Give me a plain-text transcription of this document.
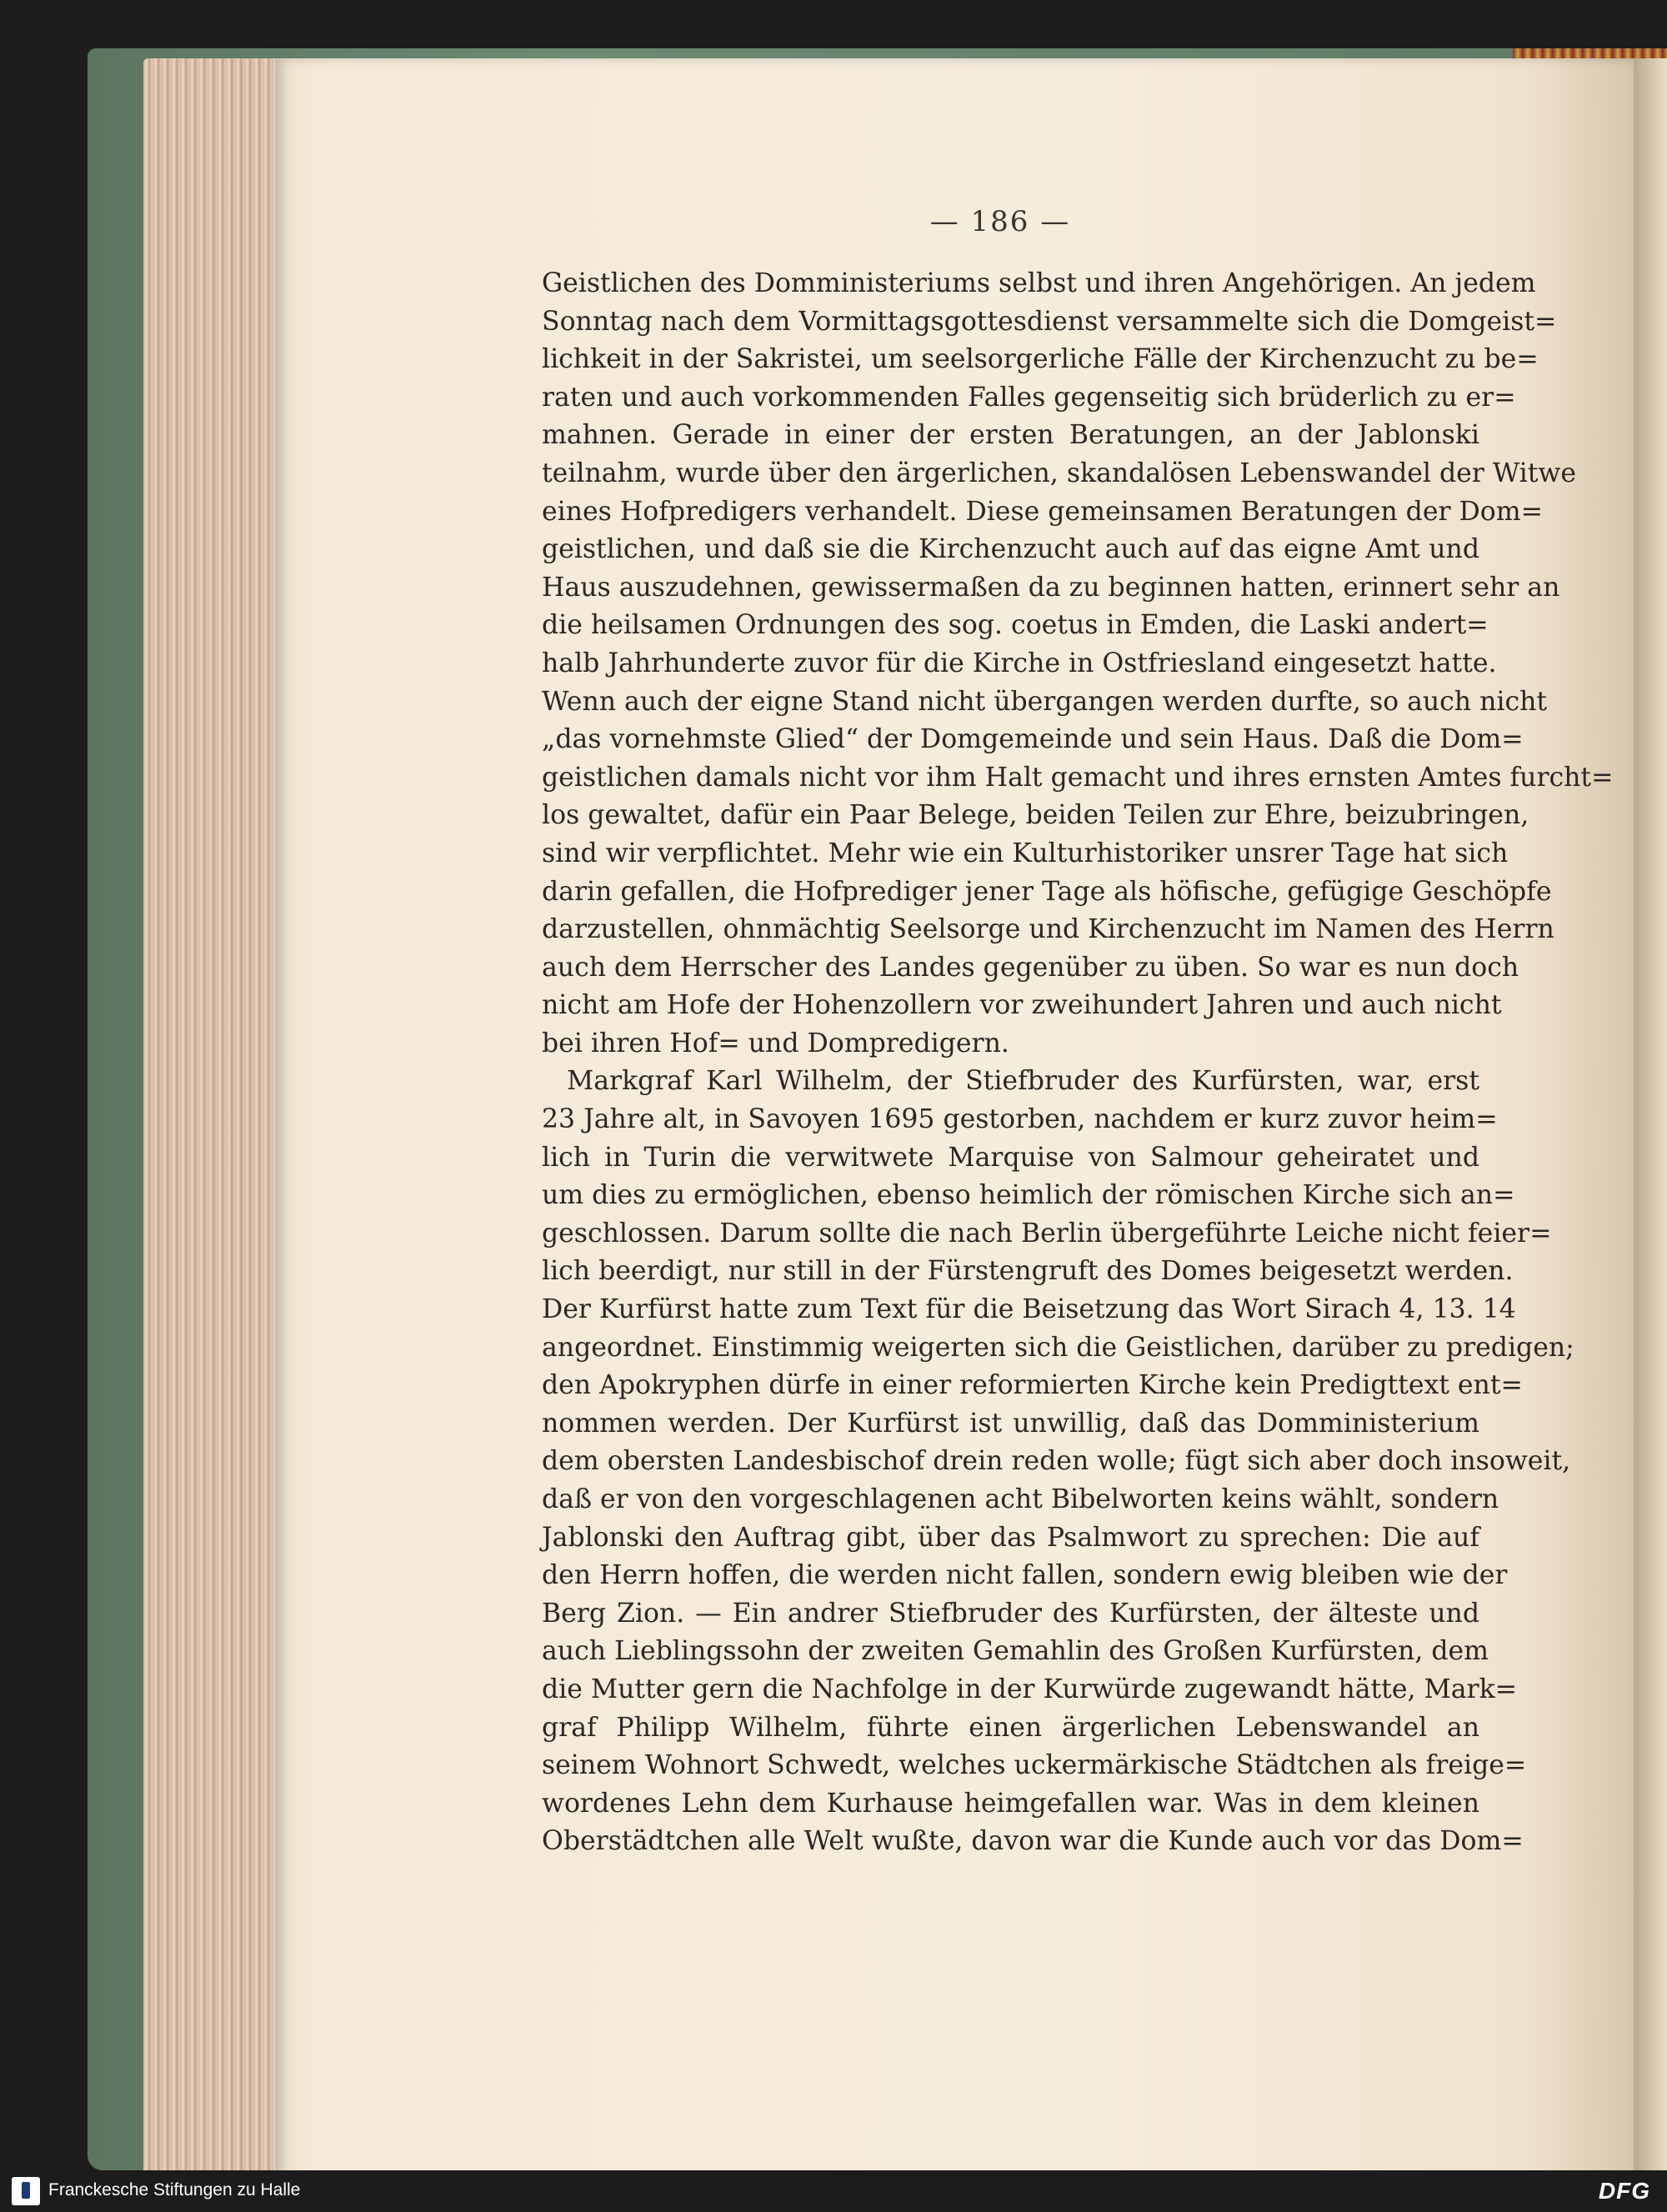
— 186 —
Geistlichen des Domministeriums selbst und ihren Angehörigen. An jedem
Sonntag nach dem Vormittagsgottesdienst versammelte sich die Domgeist=
lichkeit in der Sakristei, um seelsorgerliche Fälle der Kirchenzucht zu be=
raten und auch vorkommenden Falles gegenseitig sich brüderlich zu er=
mahnen. Gerade in einer der ersten Beratungen, an der Jablonski
teilnahm, wurde über den ärgerlichen, skandalösen Lebenswandel der Witwe
eines Hofpredigers verhandelt. Diese gemeinsamen Beratungen der Dom=
geistlichen, und daß sie die Kirchenzucht auch auf das eigne Amt und
Haus auszudehnen, gewissermaßen da zu beginnen hatten, erinnert sehr an
die heilsamen Ordnungen des sog. coetus in Emden, die Laski andert=
halb Jahrhunderte zuvor für die Kirche in Ostfriesland eingesetzt hatte.
Wenn auch der eigne Stand nicht übergangen werden durfte, so auch nicht
„das vornehmste Glied“ der Domgemeinde und sein Haus. Daß die Dom=
geistlichen damals nicht vor ihm Halt gemacht und ihres ernsten Amtes furcht=
los gewaltet, dafür ein Paar Belege, beiden Teilen zur Ehre, beizubringen,
sind wir verpflichtet. Mehr wie ein Kulturhistoriker unsrer Tage hat sich
darin gefallen, die Hofprediger jener Tage als höfische, gefügige Geschöpfe
darzustellen, ohnmächtig Seelsorge und Kirchenzucht im Namen des Herrn
auch dem Herrscher des Landes gegenüber zu üben. So war es nun doch
nicht am Hofe der Hohenzollern vor zweihundert Jahren und auch nicht
bei ihren Hof= und Dompredigern.
Markgraf Karl Wilhelm, der Stiefbruder des Kurfürsten, war, erst
23 Jahre alt, in Savoyen 1695 gestorben, nachdem er kurz zuvor heim=
lich in Turin die verwitwete Marquise von Salmour geheiratet und
um dies zu ermöglichen, ebenso heimlich der römischen Kirche sich an=
geschlossen. Darum sollte die nach Berlin übergeführte Leiche nicht feier=
lich beerdigt, nur still in der Fürstengruft des Domes beigesetzt werden.
Der Kurfürst hatte zum Text für die Beisetzung das Wort Sirach 4, 13. 14
angeordnet. Einstimmig weigerten sich die Geistlichen, darüber zu predigen;
den Apokryphen dürfe in einer reformierten Kirche kein Predigttext ent=
nommen werden. Der Kurfürst ist unwillig, daß das Domministerium
dem obersten Landesbischof drein reden wolle; fügt sich aber doch insoweit,
daß er von den vorgeschlagenen acht Bibelworten keins wählt, sondern
Jablonski den Auftrag gibt, über das Psalmwort zu sprechen: Die auf
den Herrn hoffen, die werden nicht fallen, sondern ewig bleiben wie der
Berg Zion. — Ein andrer Stiefbruder des Kurfürsten, der älteste und
auch Lieblingssohn der zweiten Gemahlin des Großen Kurfürsten, dem
die Mutter gern die Nachfolge in der Kurwürde zugewandt hätte, Mark=
graf Philipp Wilhelm, führte einen ärgerlichen Lebenswandel an
seinem Wohnort Schwedt, welches uckermärkische Städtchen als freige=
wordenes Lehn dem Kurhause heimgefallen war. Was in dem kleinen
Oberstädtchen alle Welt wußte, davon war die Kunde auch vor das Dom=
Franckesche Stiftungen zu Halle	DFG
